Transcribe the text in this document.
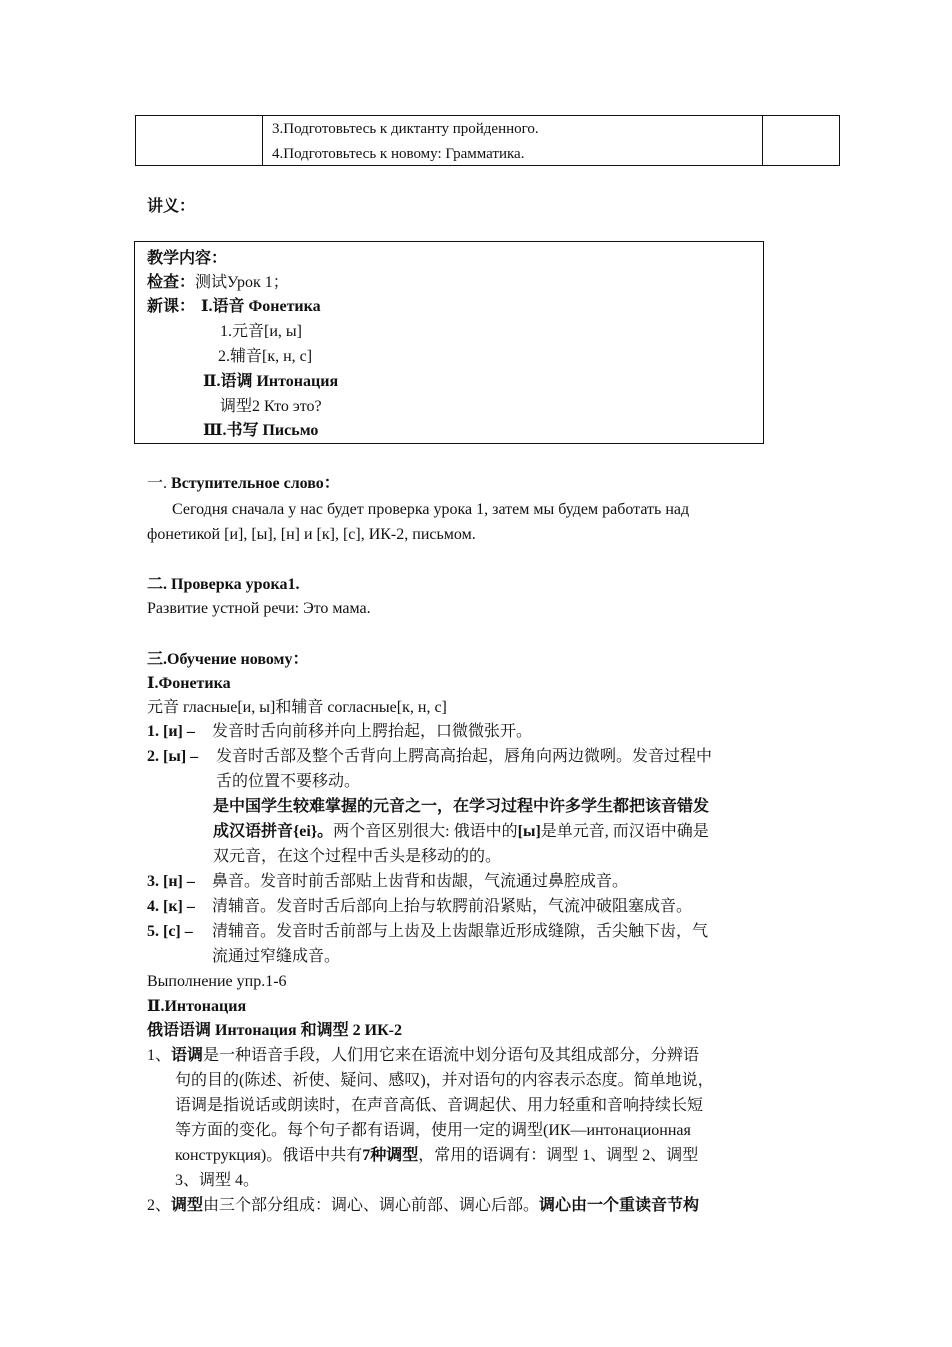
3.Подготовьтесь к диктанту пройденного.
4.Подготовьтесь к новому: Грамматика.
讲义：
教学内容：
检查：测试Урок 1；
新课： Ⅰ.语音 Фонетика
1.元音[и, ы]
2.辅音[к, н, с]
Ⅱ.语调 Интонация
调型2 Кто это?
Ⅲ.书写 Письмо
一. Вступительное слово：
Сегодня сначала у нас будет проверка урока 1, затем мы будем работать над
фонетикой [и], [ы], [н] и [к], [с], ИК-2, письмом.
二. Проверка урока1.
Развитие устной речи: Это мама.
三.Обучение новому：
Ⅰ.Фонетика
元音 гласные[и, ы]和辅音 согласные[к, н, с]
1. [и] – 发音时舌向前移并向上腭抬起，口微微张开。
2. [ы] – 发音时舌部及整个舌背向上腭高高抬起，唇角向两边微咧。发音过程中
舌的位置不要移动。
是中国学生较难掌握的元音之一，在学习过程中许多学生都把该音错发
成汉语拼音{ei}。两个音区别很大: 俄语中的[ы]是单元音, 而汉语中确是
双元音，在这个过程中舌头是移动的的。
3. [н] – 鼻音。发音时前舌部贴上齿背和齿龈，气流通过鼻腔成音。
4. [к] – 清辅音。发音时舌后部向上抬与软腭前沿紧贴，气流冲破阻塞成音。
5. [с] – 清辅音。发音时舌前部与上齿及上齿龈靠近形成缝隙，舌尖触下齿，气
流通过窄缝成音。
Выполнение упр.1-6
Ⅱ.Интонация
俄语语调 Интонация 和调型 2 ИК-2
1、语调是一种语音手段，人们用它来在语流中划分语句及其组成部分，分辨语
句的目的(陈述、祈使、疑问、感叹)，并对语句的内容表示态度。简单地说，
语调是指说话或朗读时，在声音高低、音调起伏、用力轻重和音响持续长短
等方面的变化。每个句子都有语调，使用一定的调型(ИК—интонационная
конструкция)。俄语中共有7种调型，常用的语调有：调型 1、调型 2、调型
3、调型 4。
2、调型由三个部分组成：调心、调心前部、调心后部。调心由一个重读音节构
